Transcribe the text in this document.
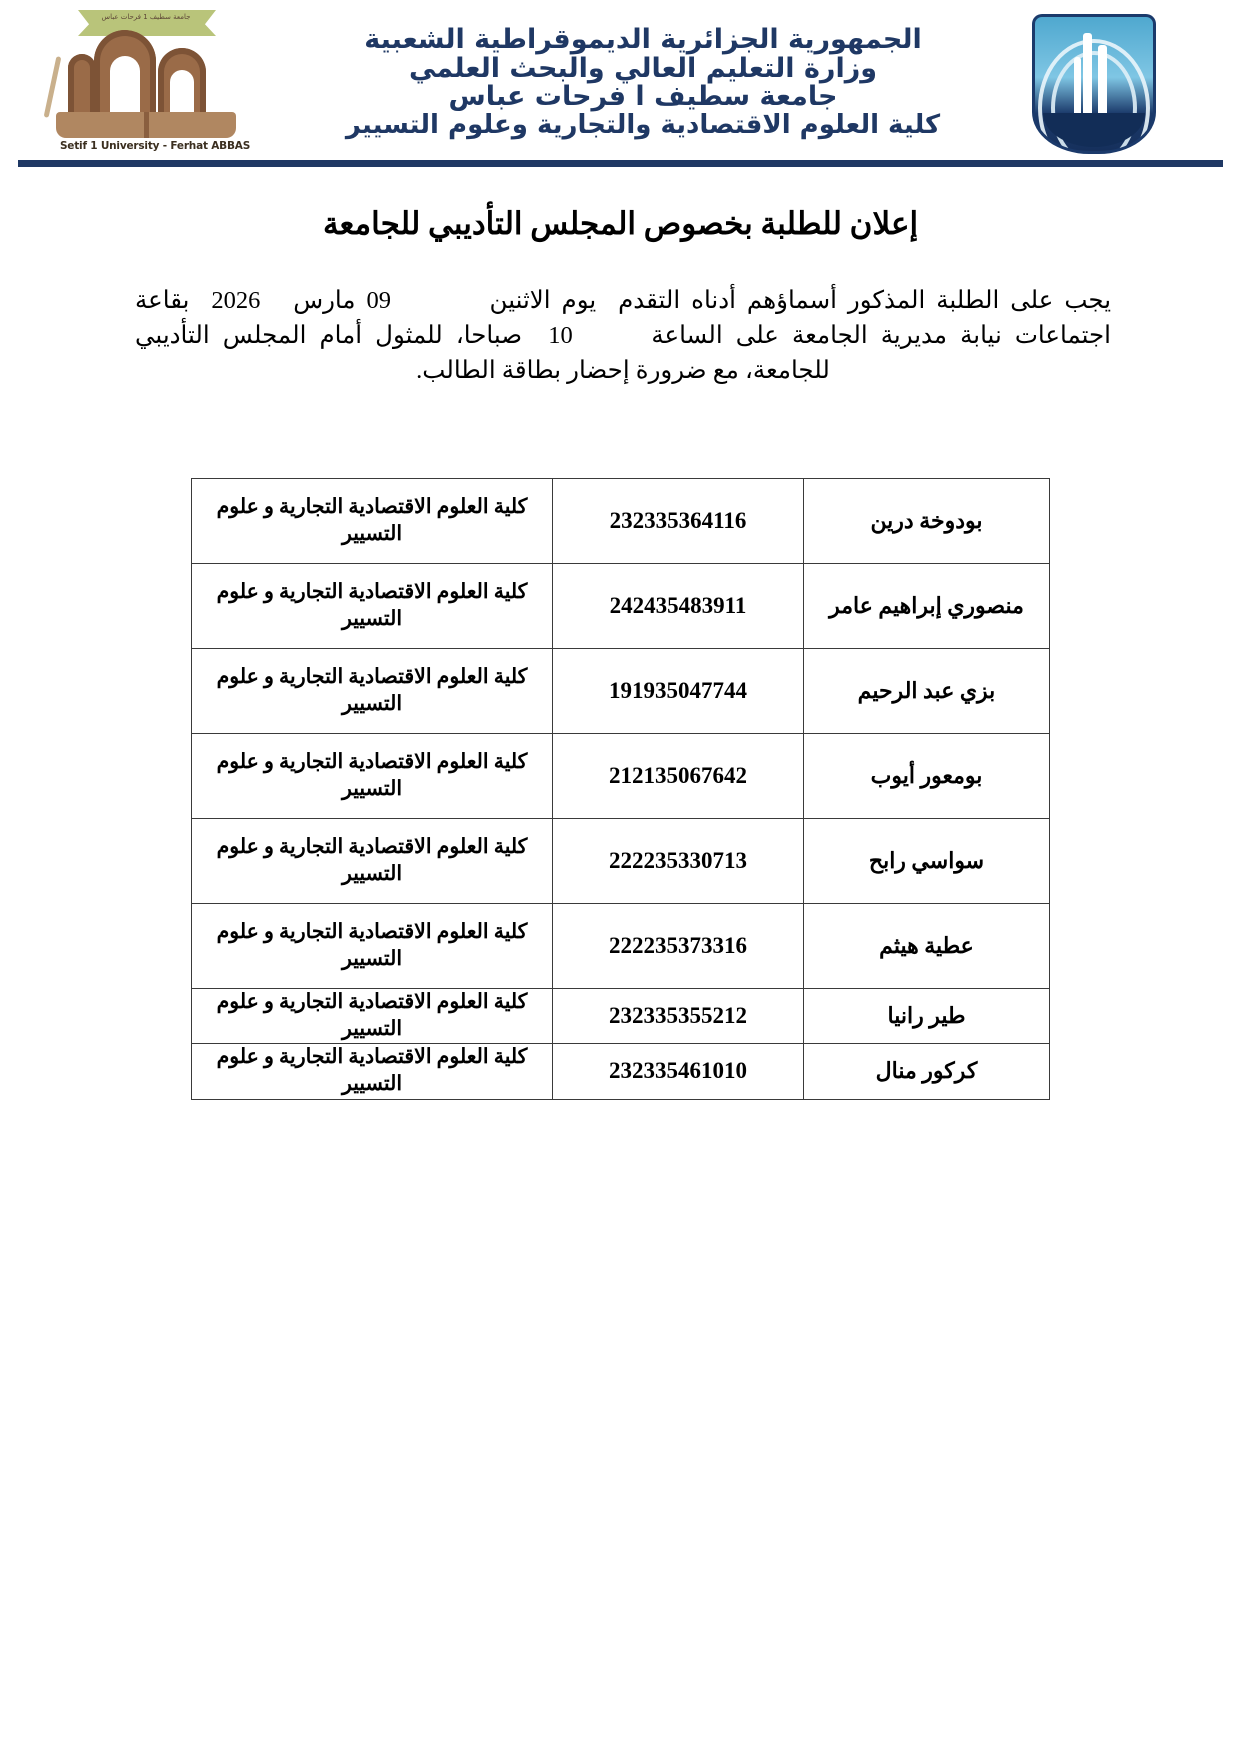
الجمهورية الجزائرية الديموقراطية الشعبية
وزارة التعليم العالي والبحث العلمي
جامعة سطيف ا فرحات عباس
كلية العلوم الاقتصادية والتجارية وعلوم التسيير
جامعة سطيف 1 فرحات عباس
Setif 1 University - Ferhat ABBAS
إعلان للطلبة بخصوص المجلس التأديبي للجامعة
يجب على الطلبة المذكور أسماؤهم أدناه التقدم  يوم الاثنين         09 مارس   2026  بقاعة
اجتماعات نيابة مديرية الجامعة على الساعة      10  صباحا، للمثول أمام المجلس التأديبي
للجامعة، مع ضرورة إحضار بطاقة الطالب.
بودوخة درين	232335364116	كلية العلوم الاقتصادية التجارية و علوم التسيير
منصوري إبراهيم عامر	242435483911	كلية العلوم الاقتصادية التجارية و علوم التسيير
بزي عبد الرحيم	191935047744	كلية العلوم الاقتصادية التجارية و علوم التسيير
بومعور أيوب	212135067642	كلية العلوم الاقتصادية التجارية و علوم التسيير
سواسي رابح	222235330713	كلية العلوم الاقتصادية التجارية و علوم التسيير
عطية هيثم	222235373316	كلية العلوم الاقتصادية التجارية و علوم التسيير
طير رانيا	232335355212	كلية العلوم الاقتصادية التجارية و علوم التسيير
كركور منال	232335461010	كلية العلوم الاقتصادية التجارية و علوم التسيير
